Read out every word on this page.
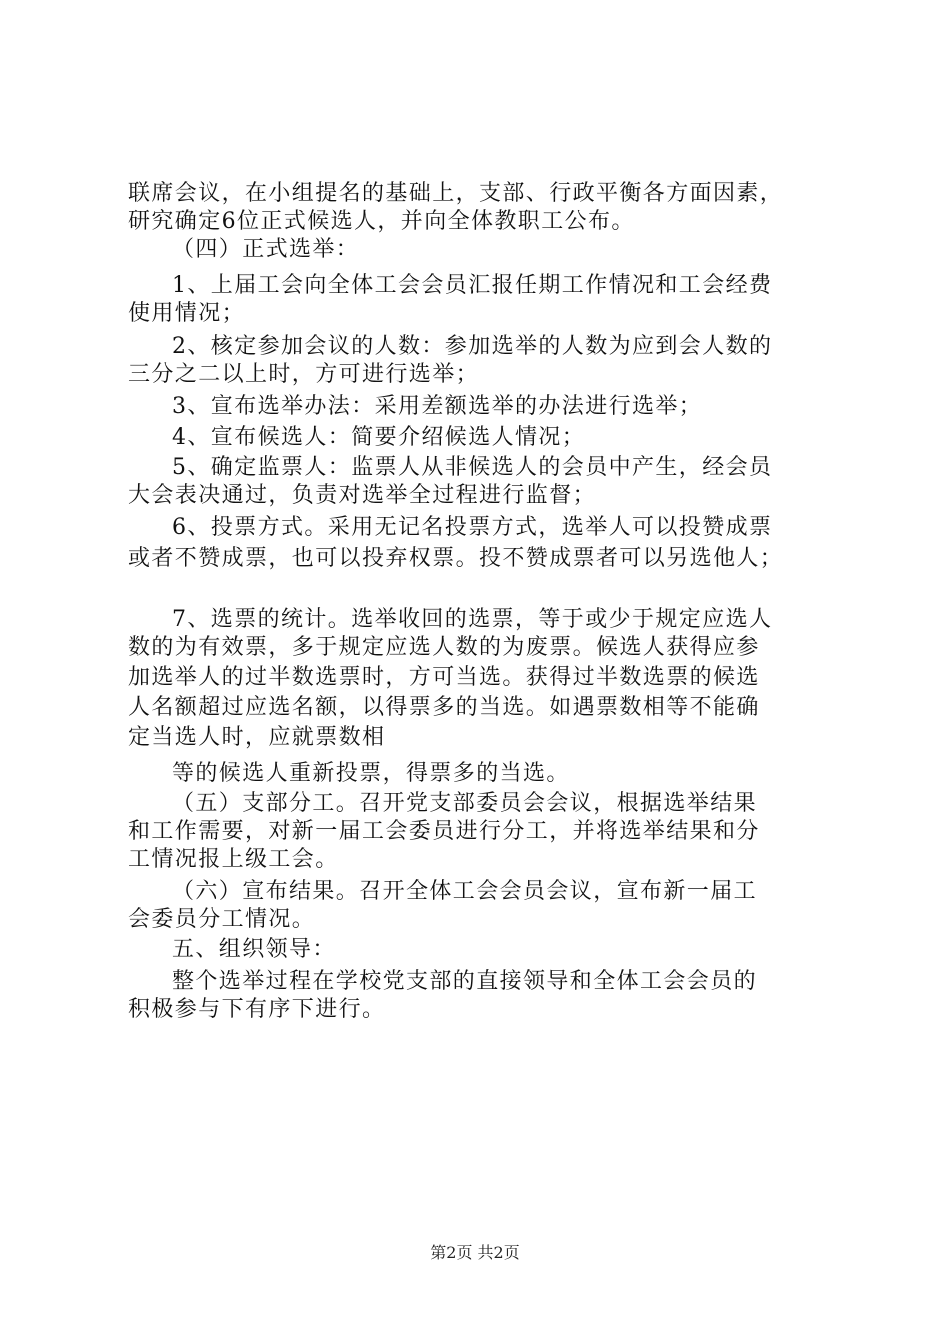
联席会议，在小组提名的基础上，支部、行政平衡各方面因素，
研究确定6位正式候选人，并向全体教职工公布。
（四）正式选举：
1、上届工会向全体工会会员汇报任期工作情况和工会经费
使用情况；
2、核定参加会议的人数：参加选举的人数为应到会人数的
三分之二以上时，方可进行选举；
3、宣布选举办法：采用差额选举的办法进行选举；
4、宣布候选人：简要介绍候选人情况；
5、确定监票人：监票人从非候选人的会员中产生，经会员
大会表决通过，负责对选举全过程进行监督；
6、投票方式。采用无记名投票方式，选举人可以投赞成票
或者不赞成票，也可以投弃权票。投不赞成票者可以另选他人；
7、选票的统计。选举收回的选票，等于或少于规定应选人
数的为有效票，多于规定应选人数的为废票。候选人获得应参
加选举人的过半数选票时，方可当选。获得过半数选票的候选
人名额超过应选名额，以得票多的当选。如遇票数相等不能确
定当选人时，应就票数相
等的候选人重新投票，得票多的当选。
（五）支部分工。召开党支部委员会会议，根据选举结果
和工作需要，对新一届工会委员进行分工，并将选举结果和分
工情况报上级工会。
（六）宣布结果。召开全体工会会员会议，宣布新一届工
会委员分工情况。
五、组织领导：
整个选举过程在学校党支部的直接领导和全体工会会员的
积极参与下有序下进行。
第2页 共2页
